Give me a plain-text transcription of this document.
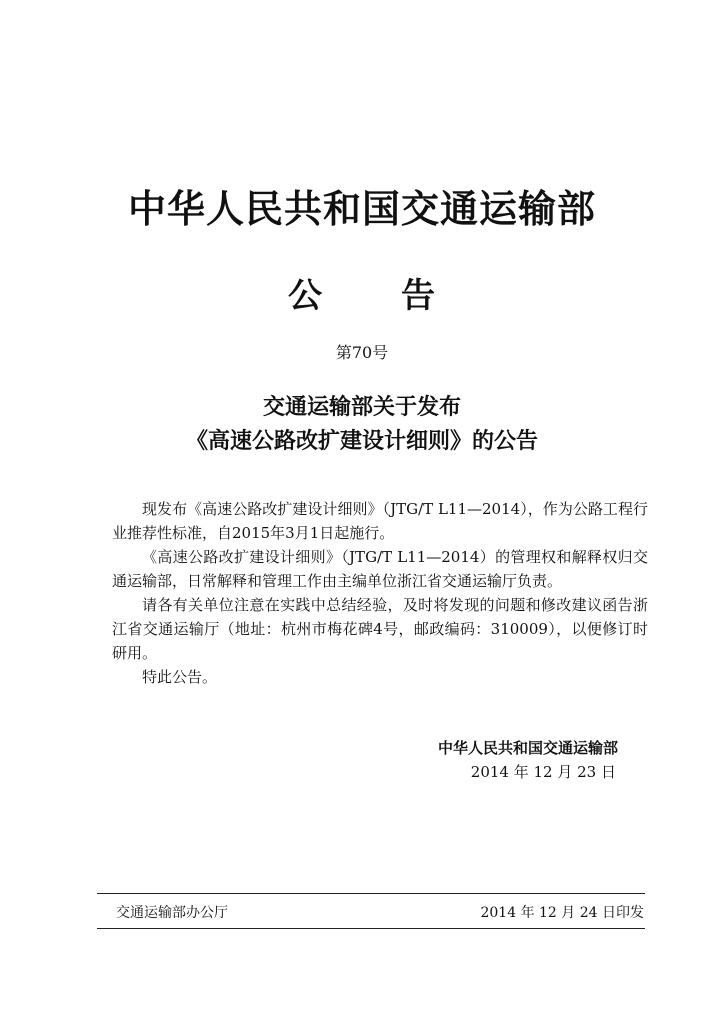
中华人民共和国交通运输部
公 告
第70号
交通运输部关于发布
《高速公路改扩建设计细则》的公告

现发布《高速公路改扩建设计细则》（JTG/T L11—2014），作为公路工程行业推荐性标准，自2015年3月1日起施行。

《高速公路改扩建设计细则》（JTG/T L11—2014）的管理权和解释权归交通运输部，日常解释和管理工作由主编单位浙江省交通运输厅负责。

请各有关单位注意在实践中总结经验，及时将发现的问题和修改建议函告浙江省交通运输厅（地址：杭州市梅花碑4号，邮政编码：310009），以便修订时研用。

特此公告。

中华人民共和国交通运输部
2014 年 12 月 23 日
交通运输部办公厅	2014 年 12 月 24 日印发
